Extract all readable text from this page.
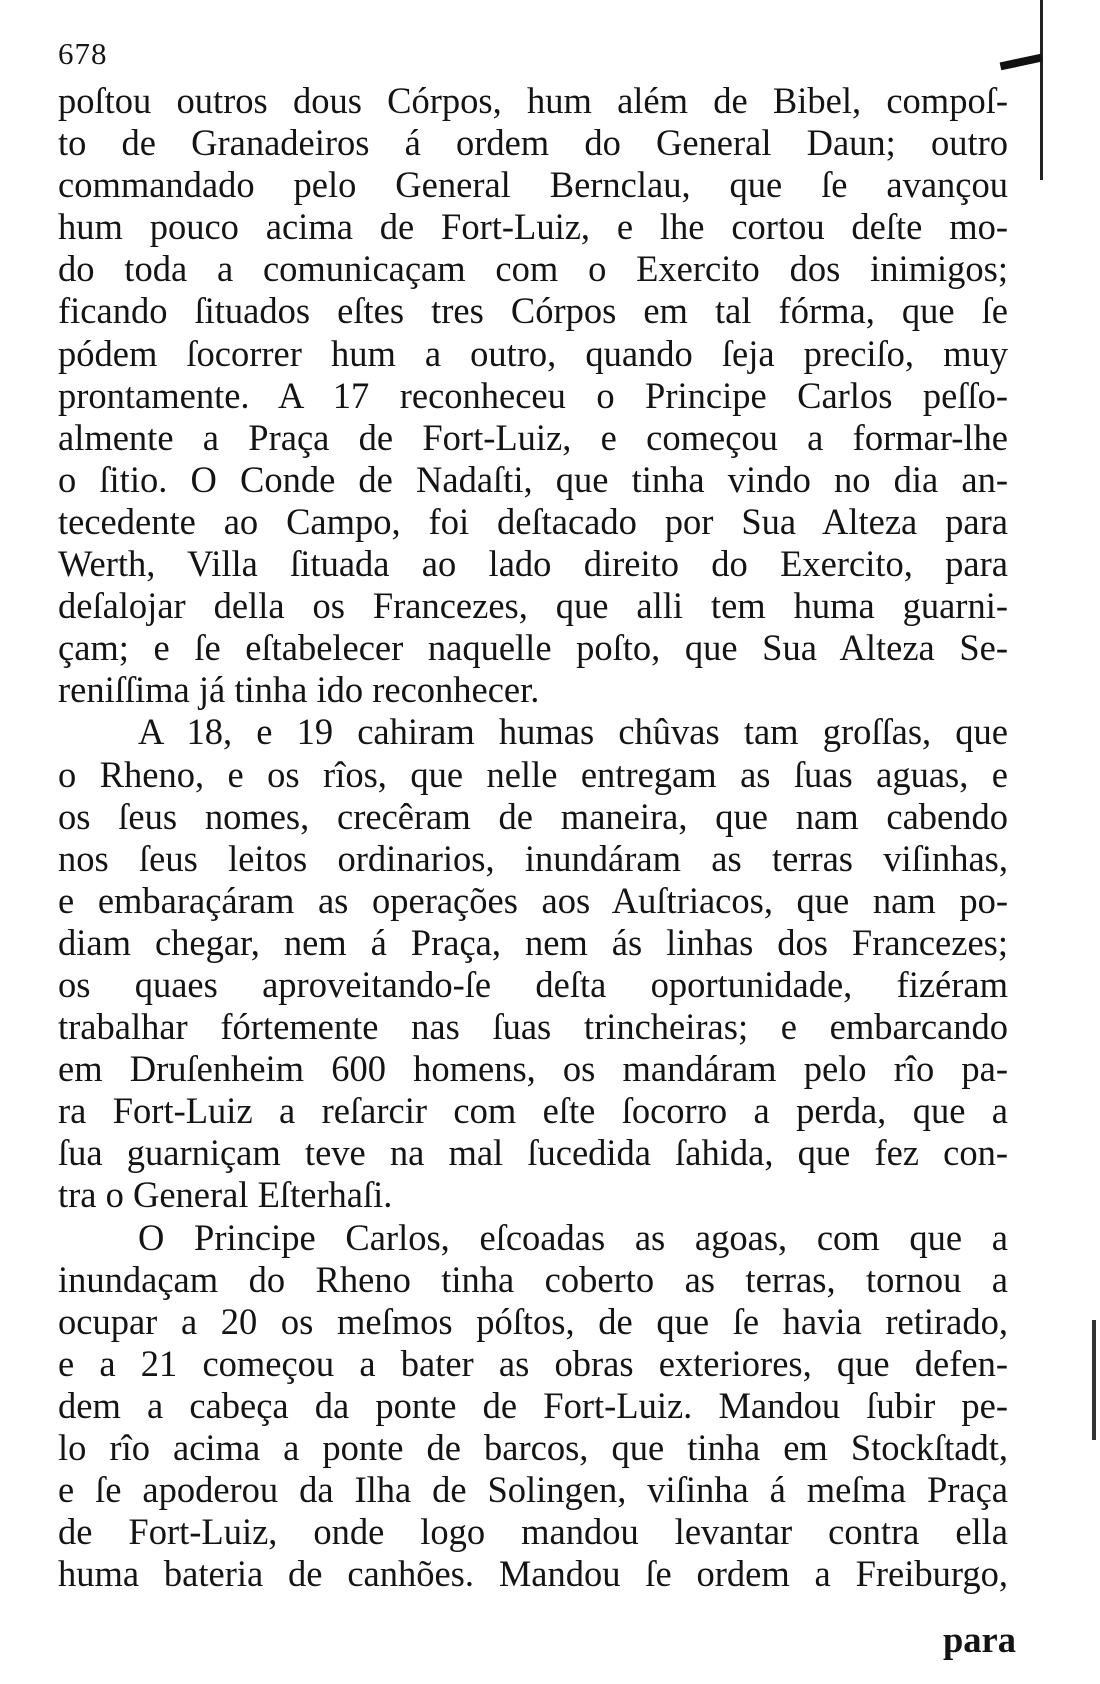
678
poſtou outros dous Córpos, hum além de Bibel, compoſ-
to de Granadeiros á ordem do General Daun; outro
commandado pelo General Bernclau, que ſe avançou
hum pouco acima de Fort-Luiz, e lhe cortou deſte mo-
do toda a comunicaçam com o Exercito dos inimigos;
ficando ſituados eſtes tres Córpos em tal fórma, que ſe
pódem ſocorrer hum a outro, quando ſeja preciſo, muy
prontamente. A 17 reconheceu o Principe Carlos peſſo-
almente a Praça de Fort-Luiz, e começou a formar-lhe
o ſitio. O Conde de Nadaſti, que tinha vindo no dia an-
tecedente ao Campo, foi deſtacado por Sua Alteza para
Werth, Villa ſituada ao lado direito do Exercito, para
deſalojar della os Francezes, que alli tem huma guarni-
çam; e ſe eſtabelecer naquelle poſto, que Sua Alteza Se-
reniſſima já tinha ido reconhecer.
A 18, e 19 cahiram humas chûvas tam groſſas, que
o Rheno, e os rîos, que nelle entregam as ſuas aguas, e
os ſeus nomes, crecêram de maneira, que nam cabendo
nos ſeus leitos ordinarios, inundáram as terras viſinhas,
e embaraçáram as operações aos Auſtriacos, que nam po-
diam chegar, nem á Praça, nem ás linhas dos Francezes;
os quaes aproveitando-ſe deſta oportunidade, fizéram
trabalhar fórtemente nas ſuas trincheiras; e embarcando
em Druſenheim 600 homens, os mandáram pelo rîo pa-
ra Fort-Luiz a reſarcir com eſte ſocorro a perda, que a
ſua guarniçam teve na mal ſucedida ſahida, que fez con-
tra o General Eſterhaſi.
O Principe Carlos, eſcoadas as agoas, com que a
inundaçam do Rheno tinha coberto as terras, tornou a
ocupar a 20 os meſmos póſtos, de que ſe havia retirado,
e a 21 começou a bater as obras exteriores, que defen-
dem a cabeça da ponte de Fort-Luiz. Mandou ſubir pe-
lo rîo acima a ponte de barcos, que tinha em Stockſtadt,
e ſe apoderou da Ilha de Solingen, viſinha á meſma Praça
de Fort-Luiz, onde logo mandou levantar contra ella
huma bateria de canhões. Mandou ſe ordem a Freiburgo,
para
